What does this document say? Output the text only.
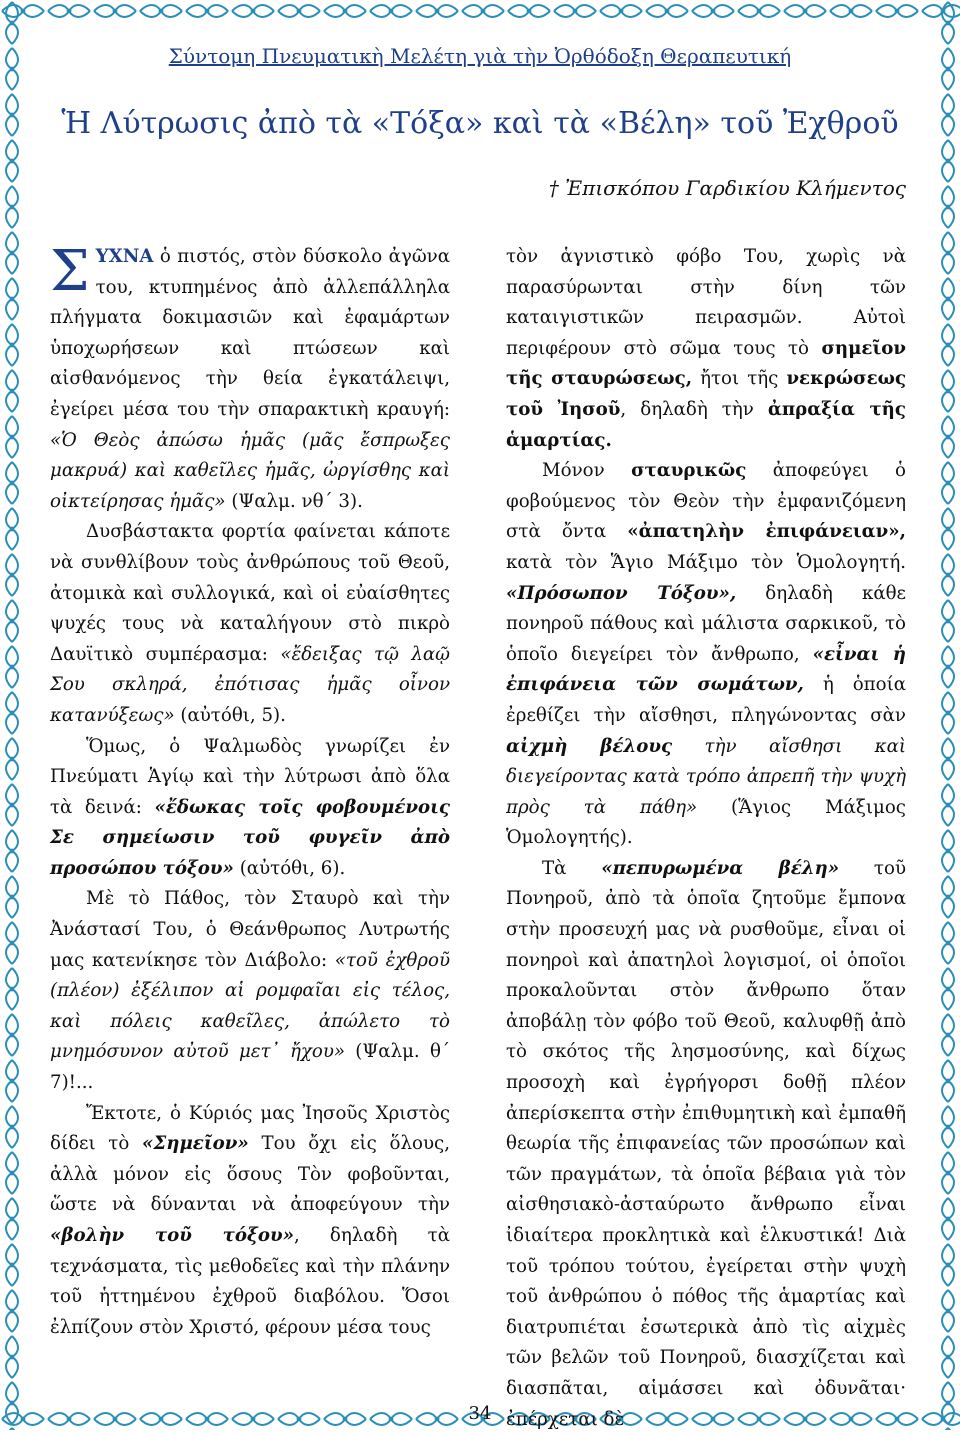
Σύντομη Πνευματικὴ Μελέτη γιὰ τὴν Ὀρθόδοξη Θεραπευτική
Ἡ Λύτρωσις ἀπὸ τὰ «Τόξα» καὶ τὰ «Βέλη» τοῦ Ἐχθροῦ
† Ἐπισκόπου Γαρδικίου Κλήμεντος

ΣΥΧΝΑ ὁ πιστός, στὸν δύσκολο ἀγῶνα του, κτυπημένος ἀπὸ ἀλλεπάλληλα πλήγματα δοκιμασιῶν καὶ ἐφαμάρτων ὑποχωρήσεων καὶ πτώσεων καὶ αἰσθανόμενος τὴν θεία ἐγκατάλειψι, ἐγείρει μέσα του τὴν σπαρακτικὴ κραυγή: «Ὁ Θεὸς ἀπώσω ἡμᾶς (μᾶς ἔσπρωξες μακρυά) καὶ καθεῖλες ἡμᾶς, ὠργίσθης καὶ οἰκτείρησας ἡμᾶς» (Ψαλμ. νθ´ 3).

Δυσβάστακτα φορτία φαίνεται κάποτε νὰ συνθλίβουν τοὺς ἀνθρώπους τοῦ Θεοῦ, ἀτομικὰ καὶ συλλογικά, καὶ οἱ εὐαίσθητες ψυχές τους νὰ καταλήγουν στὸ πικρὸ Δαυϊτικὸ συμπέρασμα: «ἔδειξας τῷ λαῷ Σου σκληρά, ἐπότισας ἡμᾶς οἶνον κατανύξεως» (αὐτόθι, 5).

Ὅμως, ὁ Ψαλμωδὸς γνωρίζει ἐν Πνεύματι Ἁγίῳ καὶ τὴν λύτρωσι ἀπὸ ὅλα τὰ δεινά: «ἔδωκας τοῖς φοβουμένοις Σε σημείωσιν τοῦ φυγεῖν ἀπὸ προσώπου τόξου» (αὐτόθι, 6).

Μὲ τὸ Πάθος, τὸν Σταυρὸ καὶ τὴν Ἀνάστασί Του, ὁ Θεάνθρωπος Λυτρωτής μας κατενίκησε τὸν Διάβολο: «τοῦ ἐχθροῦ (πλέον) ἐξέλιπον αἱ ρομφαῖαι εἰς τέλος, καὶ πόλεις καθεῖλες, ἀπώλετο τὸ μνημόσυνον αὐτοῦ μετ᾽ ἤχου» (Ψαλμ. θ´ 7)!...

Ἔκτοτε, ὁ Κύριός μας Ἰησοῦς Χριστὸς δίδει τὸ «Σημεῖον» Του ὄχι εἰς ὅλους, ἀλλὰ μόνον εἰς ὅσους Τὸν φοβοῦνται, ὥστε νὰ δύνανται νὰ ἀποφεύγουν τὴν «βολὴν τοῦ τόξου», δηλαδὴ τὰ τεχνάσματα, τὶς μεθοδεῖες καὶ τὴν πλάνην τοῦ ἡττημένου ἐχθροῦ διαβόλου. Ὅσοι ἐλπίζουν στὸν Χριστό, φέρουν μέσα τους

τὸν ἁγνιστικὸ φόβο Του, χωρὶς νὰ παρασύρωνται στὴν δίνη τῶν καταιγιστικῶν πειρασμῶν. Αὐτοὶ περιφέρουν στὸ σῶμα τους τὸ σημεῖον τῆς σταυρώσεως, ἤτοι τῆς νεκρώσεως τοῦ Ἰησοῦ, δηλαδὴ τὴν ἀπραξία τῆς ἁμαρτίας.

Μόνον σταυρικῶς ἀποφεύγει ὁ φοβούμενος τὸν Θεὸν τὴν ἐμφανιζόμενη στὰ ὄντα «ἀπατηλὴν ἐπιφάνειαν», κατὰ τὸν Ἅγιο Μάξιμο τὸν Ὁμολογητή. «Πρόσωπον Τόξου», δηλαδὴ κάθε πονηροῦ πάθους καὶ μάλιστα σαρκικοῦ, τὸ ὁποῖο διεγείρει τὸν ἄνθρωπο, «εἶναι ἡ ἐπιφάνεια τῶν σωμάτων, ἡ ὁποία ἐρεθίζει τὴν αἴσθησι, πληγώνοντας σὰν αἰχμὴ βέλους τὴν αἴσθησι καὶ διεγείροντας κατὰ τρόπο ἀπρεπῆ τὴν ψυχὴ πρὸς τὰ πάθη» (Ἅγιος Μάξιμος Ὁμολογητής).

Τὰ «πεπυρωμένα βέλη» τοῦ Πονηροῦ, ἀπὸ τὰ ὁποῖα ζητοῦμε ἔμπονα στὴν προσευχή μας νὰ ρυσθοῦμε, εἶναι οἱ πονηροὶ καὶ ἀπατηλοὶ λογισμοί, οἱ ὁποῖοι προκαλοῦνται στὸν ἄνθρωπο ὅταν ἀποβάλῃ τὸν φόβο τοῦ Θεοῦ, καλυφθῇ ἀπὸ τὸ σκότος τῆς λησμοσύνης, καὶ δίχως προσοχὴ καὶ ἐγρήγορσι δοθῇ πλέον ἀπερίσκεπτα στὴν ἐπιθυμητικὴ καὶ ἐμπαθῆ θεωρία τῆς ἐπιφανείας τῶν προσώπων καὶ τῶν πραγμάτων, τὰ ὁποῖα βέβαια γιὰ τὸν αἰσθησιακὸ-ἀσταύρωτο ἄνθρωπο εἶναι ἰδιαίτερα προκλητικὰ καὶ ἑλκυστικά! Διὰ τοῦ τρόπου τούτου, ἐγείρεται στὴν ψυχὴ τοῦ ἀνθρώπου ὁ πόθος τῆς ἁμαρτίας καὶ διατρυπιέται ἐσωτερικὰ ἀπὸ τὶς αἰχμὲς τῶν βελῶν τοῦ Πονηροῦ, διασχίζεται καὶ διασπᾶται, αἱμάσσει καὶ ὀδυνᾶται· ἐπέρχεται δὲ

34
